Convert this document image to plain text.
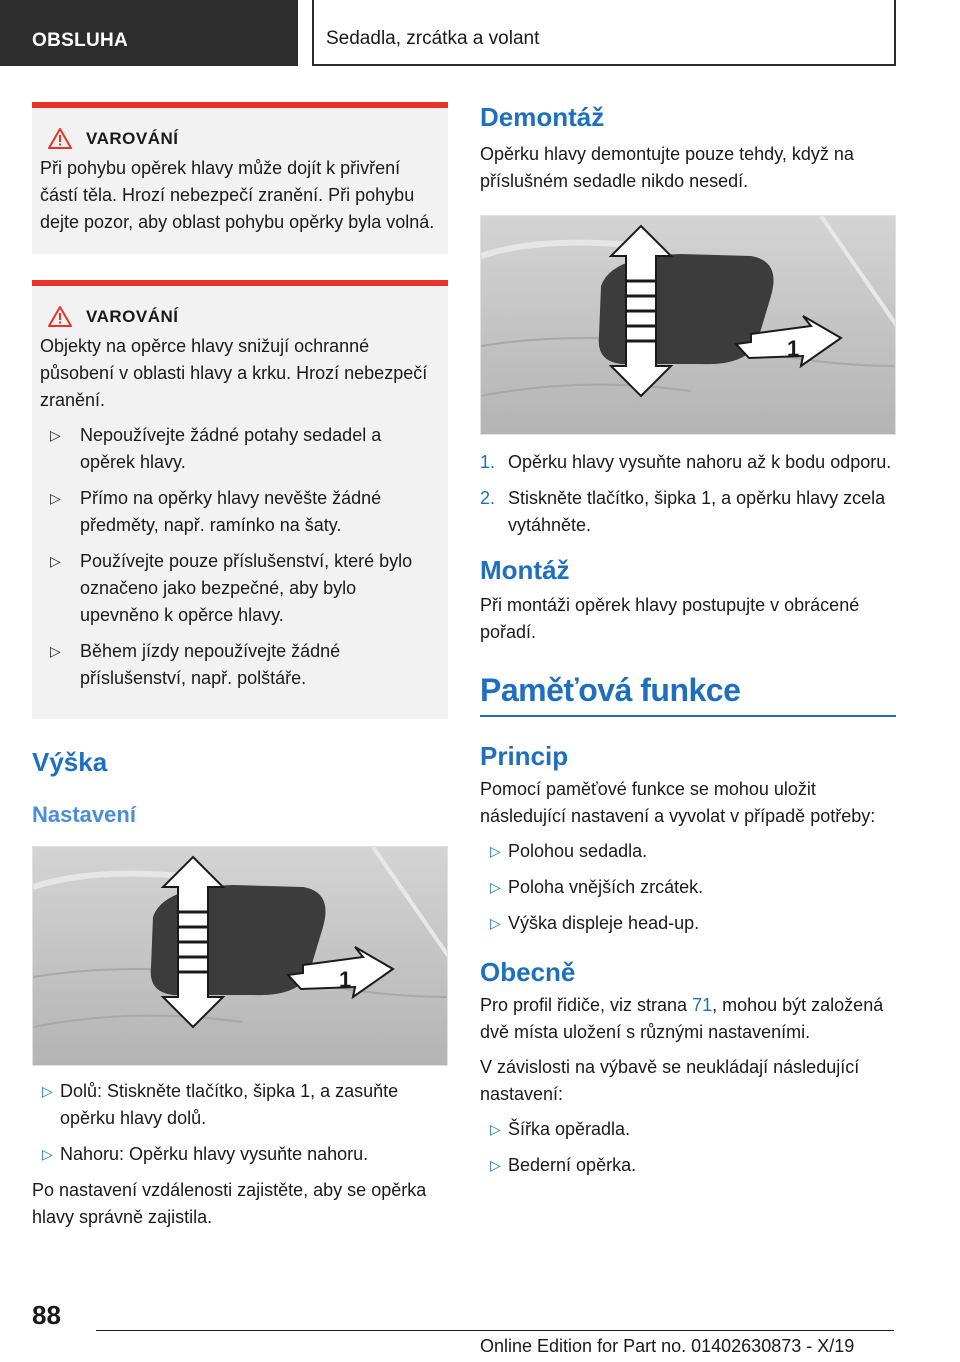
OBSLUHA	Sedadla, zrcátka a volant
VAROVÁNÍ

Při pohybu opěrek hlavy může dojít k přivření částí těla. Hrozí nebezpečí zranění. Při pohybu dejte pozor, aby oblast pohybu opěrky byla volná.

VAROVÁNÍ

Objekty na opěrce hlavy snižují ochranné působení v oblasti hlavy a krku. Hrozí nebezpečí zranění.

▷ Nepoužívejte žádné potahy sedadel a opěrek hlavy.
▷ Přímo na opěrky hlavy nevěšte žádné předměty, např. ramínko na šaty.
▷ Používejte pouze příslušenství, které bylo označeno jako bezpečné, aby bylo upevněno k opěrce hlavy.
▷ Během jízdy nepoužívejte žádné příslušenství, např. polštáře.
Výška
Nastavení
1
▷ Dolů: Stiskněte tlačítko, šipka 1, a zasuňte opěrku hlavy dolů.
▷ Nahoru: Opěrku hlavy vysuňte nahoru.

Po nastavení vzdálenosti zajistěte, aby se opěrka hlavy správně zajistila.

Demontáž

Opěrku hlavy demontujte pouze tehdy, když na příslušném sedadle nikdo nesedí.

1
1. Opěrku hlavy vysuňte nahoru až k bodu odporu.
2. Stiskněte tlačítko, šipka 1, a opěrku hlavy zcela vytáhněte.
Montáž

Při montáži opěrek hlavy postupujte v obrácené pořadí.

Paměťová funkce
Princip

Pomocí paměťové funkce se mohou uložit následující nastavení a vyvolat v případě potřeby:

▷ Polohou sedadla.
▷ Poloha vnějších zrcátek.
▷ Výška displeje head-up.
Obecně

Pro profil řidiče, viz strana 71, mohou být založená dvě místa uložení s různými nastaveními.

V závislosti na výbavě se neukládají následující nastavení:

▷ Šířka opěradla.
▷ Bederní opěrka.
88
Online Edition for Part no. 01402630873 - X/19
